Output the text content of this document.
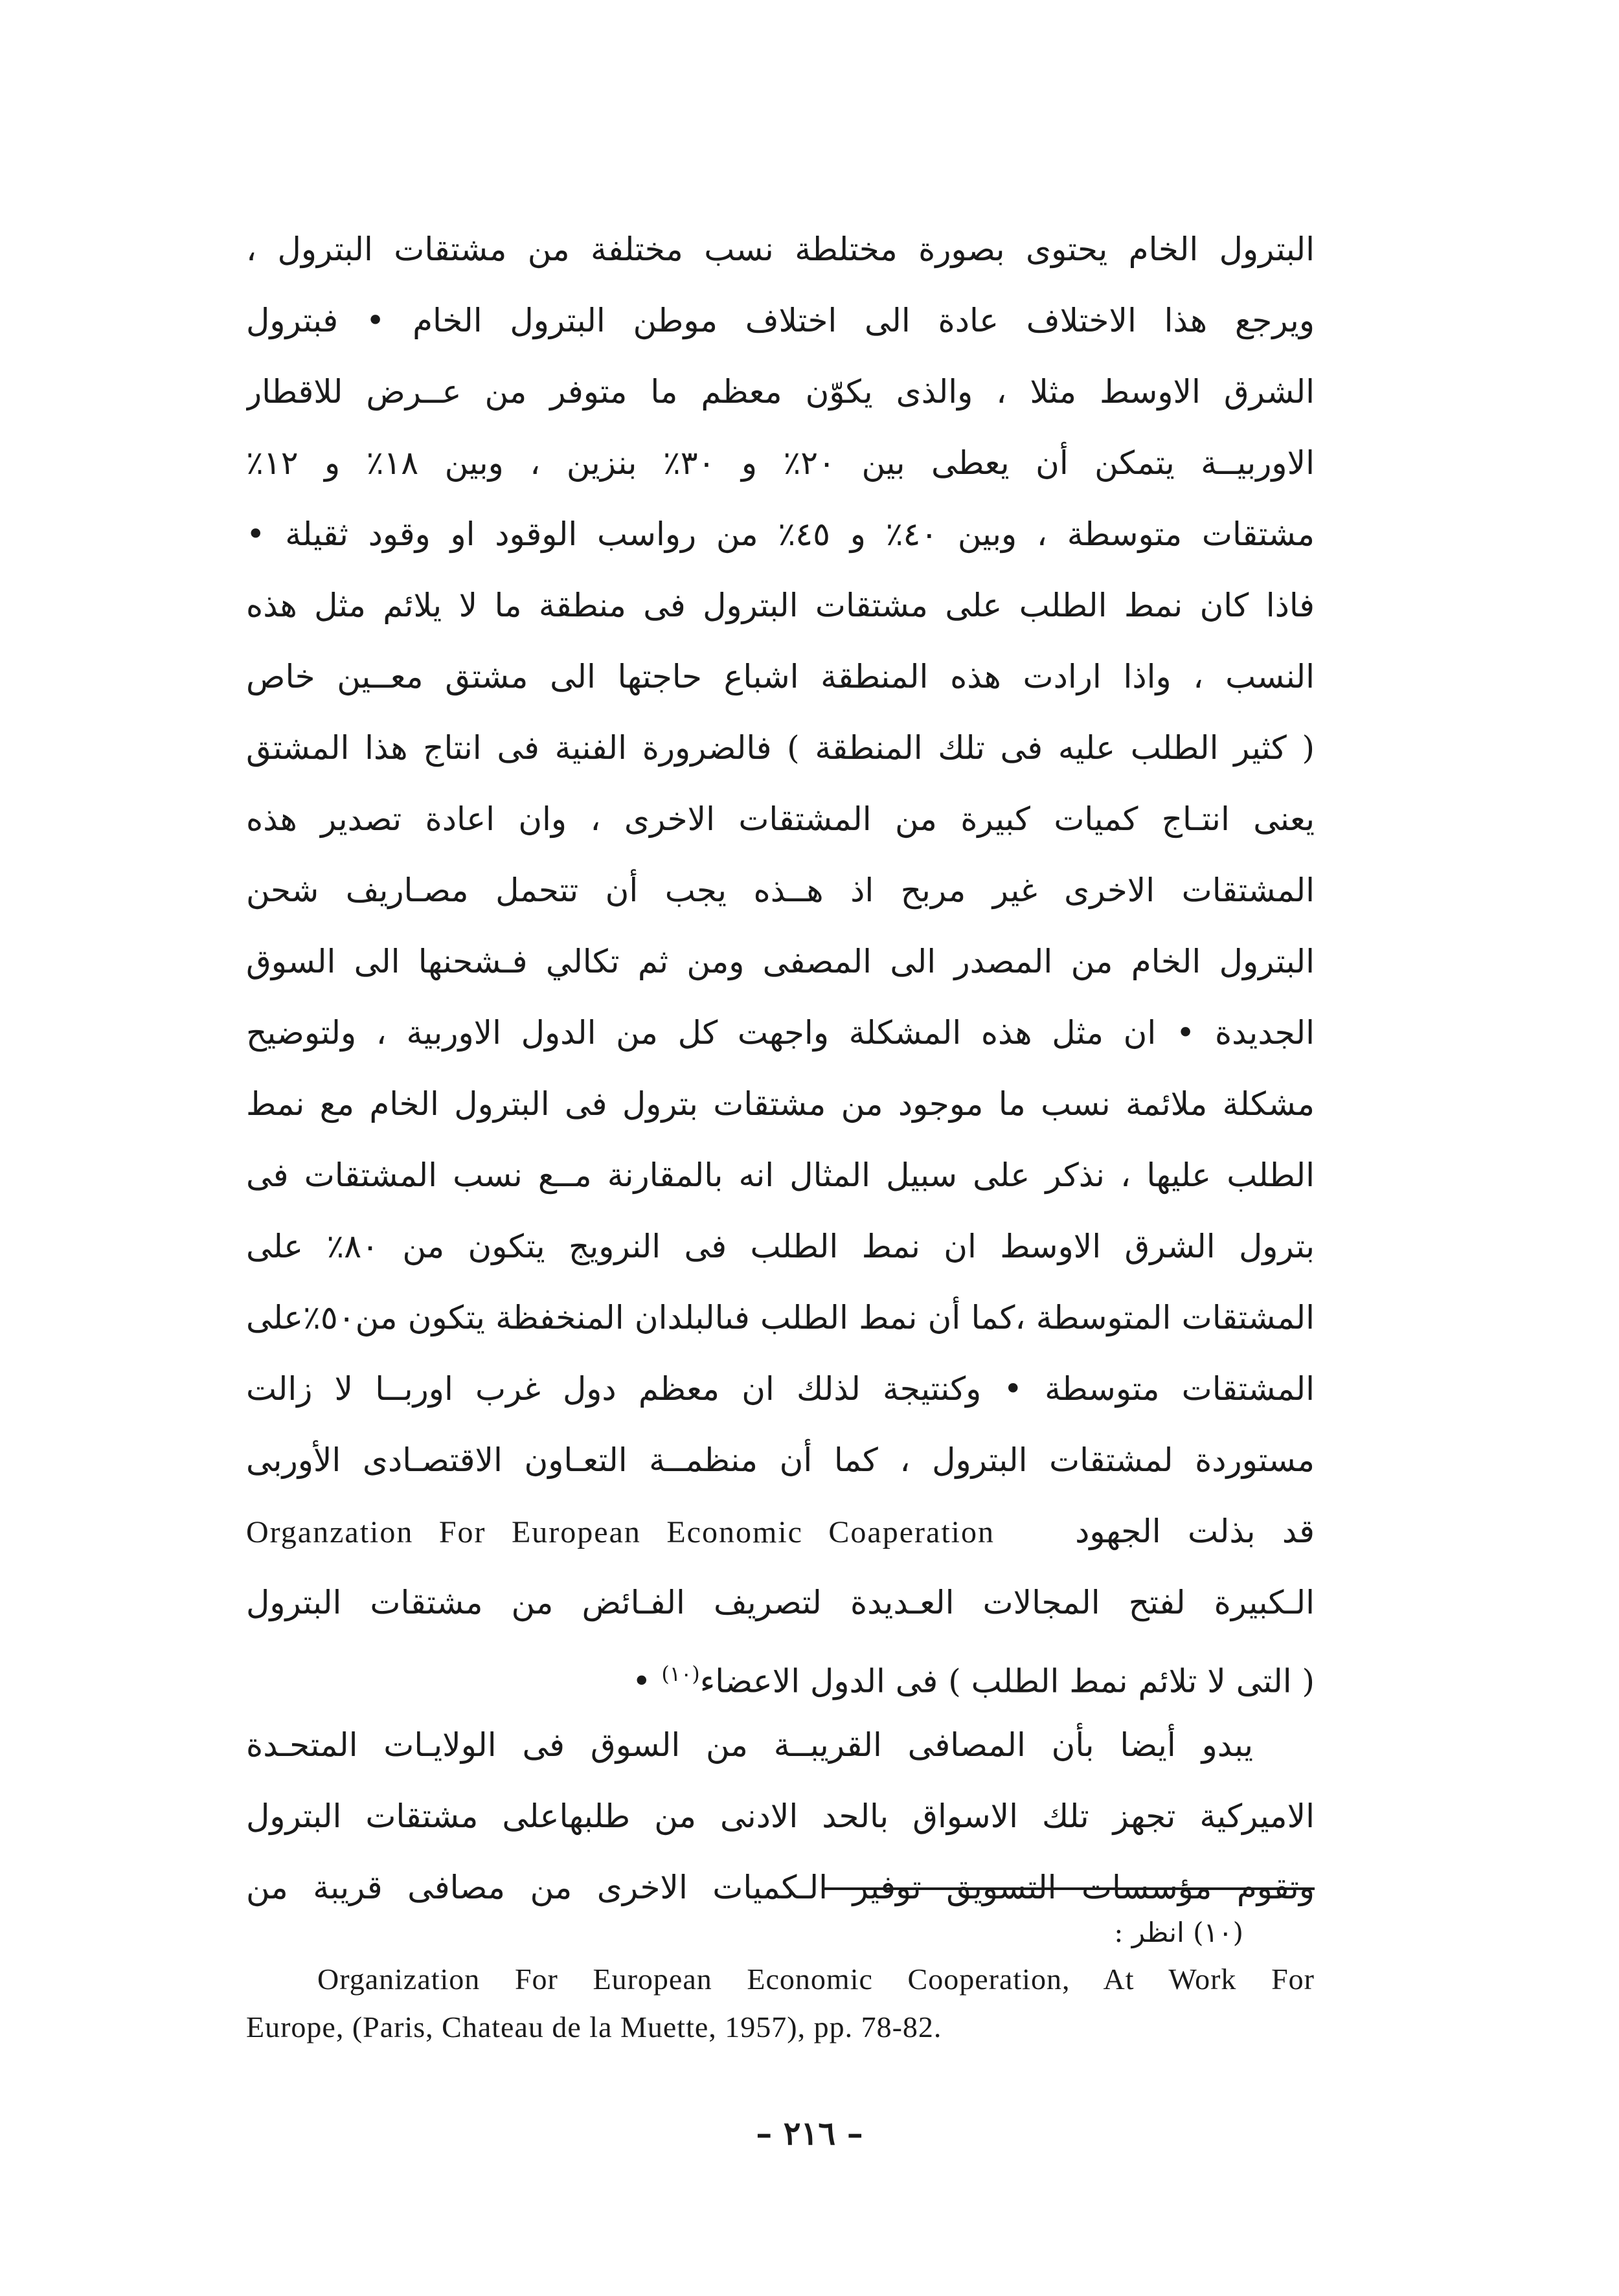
البترول الخام يحتوى بصورة مختلطة نسب مختلفة من مشتقات البترول ،
ويرجع هذا الاختلاف عادة الى اختلاف موطن البترول الخام • فبترول
الشرق الاوسط مثلا ، والذى يكوّن معظم ما متوفر من عــرض للاقطار
الاوربيــة يتمكن أن يعطى بين ٢٠٪ و ٣٠٪ بنزين ، وبين ١٨٪ و ١٢٪
مشتقات متوسطة ، وبين ٤٠٪ و ٤٥٪ من رواسب الوقود او وقود ثقيلة •
فاذا كان نمط الطلب على مشتقات البترول فى منطقة ما لا يلائم مثل هذه
النسب ، واذا ارادت هذه المنطقة اشباع حاجتها الى مشتق معــين خاص
( كثير الطلب عليه فى تلك المنطقة ) فالضرورة الفنية فى انتاج هذا المشتق
يعنى انتـاج كميات كبيرة من المشتقات الاخرى ، وان اعادة تصدير هذه
المشتقات الاخرى غير مربح اذ هــذه يجب أن تتحمل مصـاريف شحن
البترول الخام من المصدر الى المصفى ومن ثم تكالي فـشحنها الى السوق
الجديدة • ان مثل هذه المشكلة واجهت كل من الدول الاوربية ، ولتوضيح
مشكلة ملائمة نسب ما موجود من مشتقات بترول فى البترول الخام مع نمط
الطلب عليها ، نذكر على سبيل المثال انه بالمقارنة مــع نسب المشتقات فى
بترول الشرق الاوسط ان نمط الطلب فى النرويج يتكون من ٨٠٪ على
المشتقات المتوسطة ،كما أن نمط الطلب فىالبلدان المنخفظة يتكون من٥٠٪على
المشتقات متوسطة • وكنتيجة لذلك ان معظم دول غرب اوربــا لا زالت
مستوردة لمشتقات البترول ، كما أن منظمــة التعـاون الاقتصـادى الأوربى
قد بذلت الجهود   Organzation For European Economic Coaperation
الـكبيرة لفتح المجالات العـديدة لتصريف الفـائض من مشتقات البترول
( التى لا تلائم نمط الطلب ) فى الدول الاعضاء$^{(١٠)}$ •
يبدو أيضا بأن المصافى القريبــة من السوق فى الولايـات المتحـدة
الاميركية تجهز تلك الاسواق بالحد الادنى من طلبهاعلى مشتقات البترول
وتقوم مؤسسات التسويق توفير الـكميات الاخرى من مصافى قريبة من
(١٠) انظر :
Organization For European Economic Cooperation, At Work For
Europe, (Paris, Chateau de la Muette, 1957), pp. 78-82.
– ٢١٦ –
